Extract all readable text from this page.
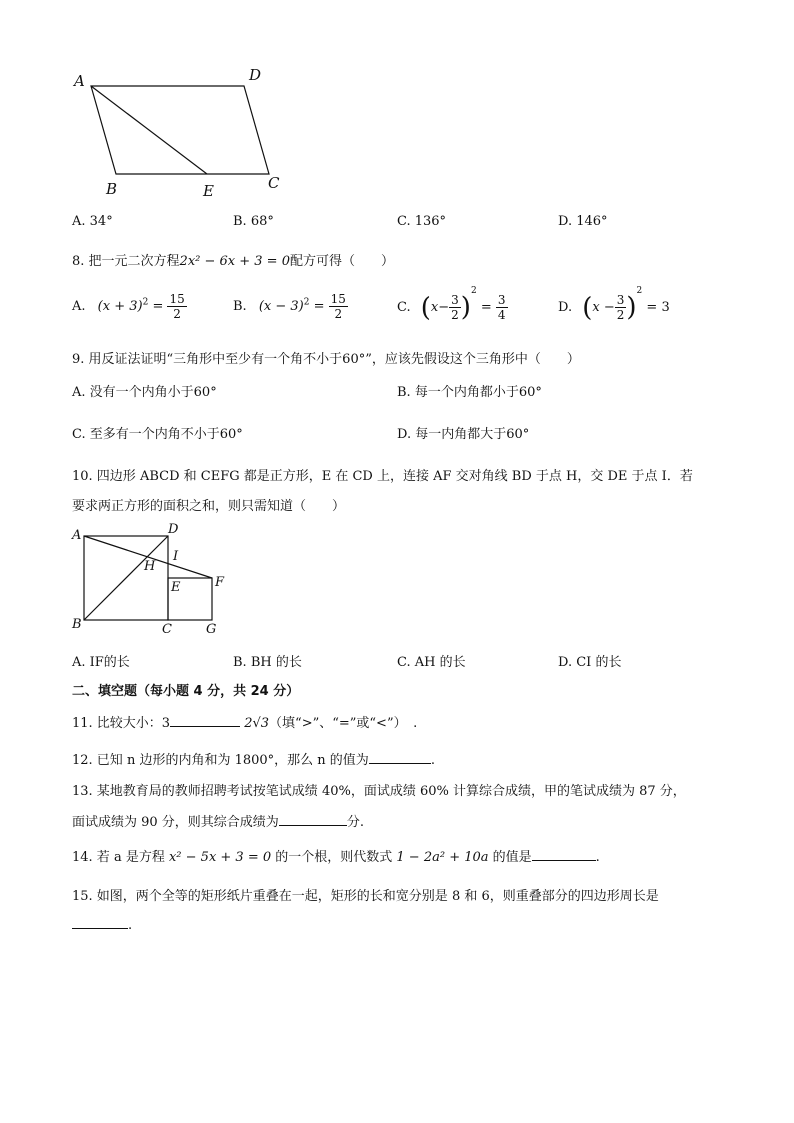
A	D
B	E	C
A. 34°	B. 68°	C. 136°	D. 146°
8. 把一元二次方程2x² − 6x + 3 = 0配方可得（　　）
A. $(x + 3)^2 = \frac{15}{2}$	B. $(x - 3)^2 = \frac{15}{2}$	C. $(x- \frac{3}{2} )^2 = \frac{3}{4}$	D. $(x - \frac{3}{2} )^2 = 3$
9. 用反证法证明“三角形中至少有一个角不小于60°”，应该先假设这个三角形中（　　）
A. 没有一个内角小于60°	B. 每一个内角都小于60°
C. 至多有一个内角不小于60°	D. 每一内角都大于60°
10. 四边形 ABCD 和 CEFG 都是正方形，E 在 CD 上，连接 AF 交对角线 BD 于点 H，交 DE 于点 I．若
要求两正方形的面积之和，则只需知道（　　）
A	D
I
H
F
E
B	C	G
A. IF的长	B. BH 的长	C. AH 的长	D. CI 的长
二、填空题（每小题 4 分，共 24 分）
11. 比较大小：3	2√3（填“>”、“=”或“<”）　.
12. 已知 n 边形的内角和为 1800°，那么 n 的值为	.
13. 某地教育局的教师招聘考试按笔试成绩 40%，面试成绩 60% 计算综合成绩，甲的笔试成绩为 87 分，
面试成绩为 90 分，则其综合成绩为	分.
14. 若 a 是方程 x² − 5x + 3 = 0 的一个根，则代数式 1 − 2a² + 10a 的值是	.
15. 如图，两个全等的矩形纸片重叠在一起，矩形的长和宽分别是 8 和 6，则重叠部分的四边形周长是
.
